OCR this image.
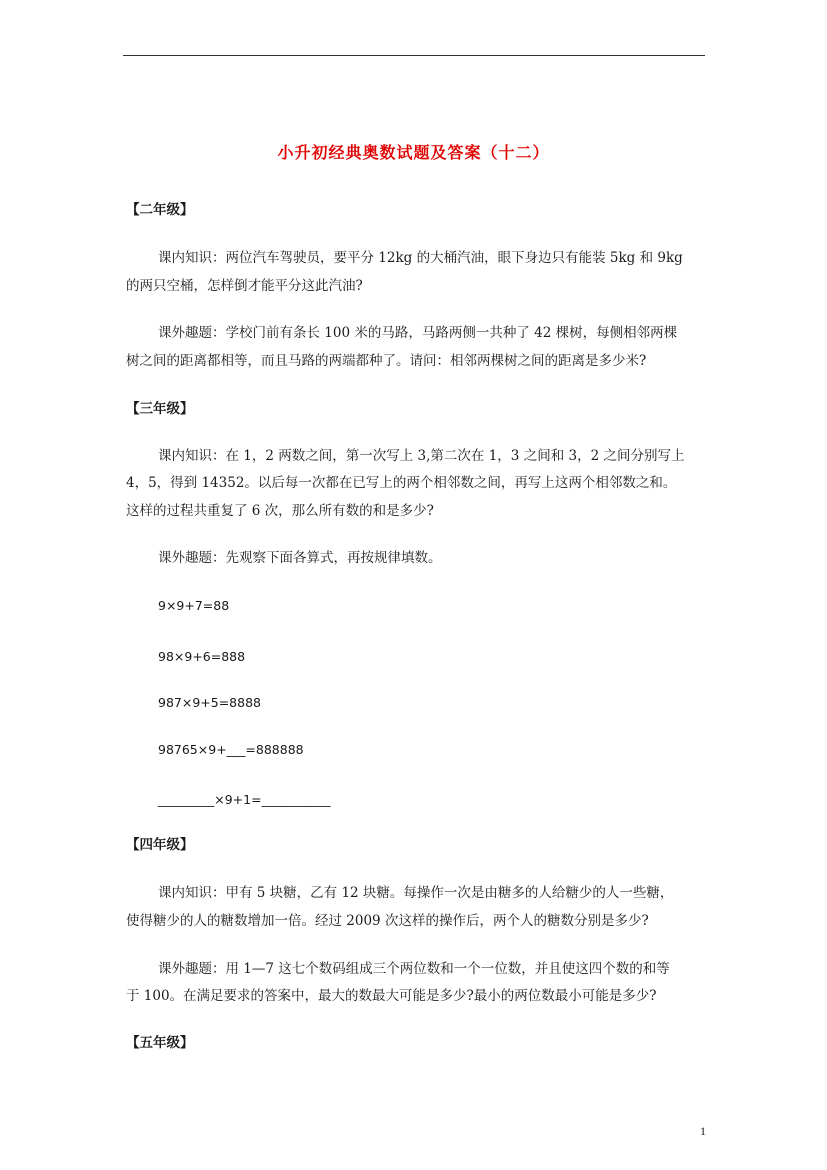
小升初经典奥数试题及答案（十二）
【二年级】
课内知识：两位汽车驾驶员，要平分 12kg 的大桶汽油，眼下身边只有能装 5kg 和 9kg
的两只空桶，怎样倒才能平分这此汽油?
课外趣题：学校门前有条长 100 米的马路，马路两侧一共种了 42 棵树，每侧相邻两棵
树之间的距离都相等，而且马路的两端都种了。请问：相邻两棵树之间的距离是多少米?
【三年级】
课内知识：在 1，2 两数之间，第一次写上 3,第二次在 1，3 之间和 3，2 之间分别写上
4，5，得到 14352。以后每一次都在已写上的两个相邻数之间，再写上这两个相邻数之和。
这样的过程共重复了 6 次，那么所有数的和是多少?
课外趣题：先观察下面各算式，再按规律填数。
9×9+7=88
98×9+6=888
987×9+5=8888
98765×9+___=888888
_________×9+1=___________
【四年级】
课内知识：甲有 5 块糖，乙有 12 块糖。每操作一次是由糖多的人给糖少的人一些糖，
使得糖少的人的糖数增加一倍。经过 2009 次这样的操作后，两个人的糖数分别是多少?
课外趣题：用 1—7 这七个数码组成三个两位数和一个一位数，并且使这四个数的和等
于 100。在满足要求的答案中，最大的数最大可能是多少?最小的两位数最小可能是多少?
【五年级】
1
